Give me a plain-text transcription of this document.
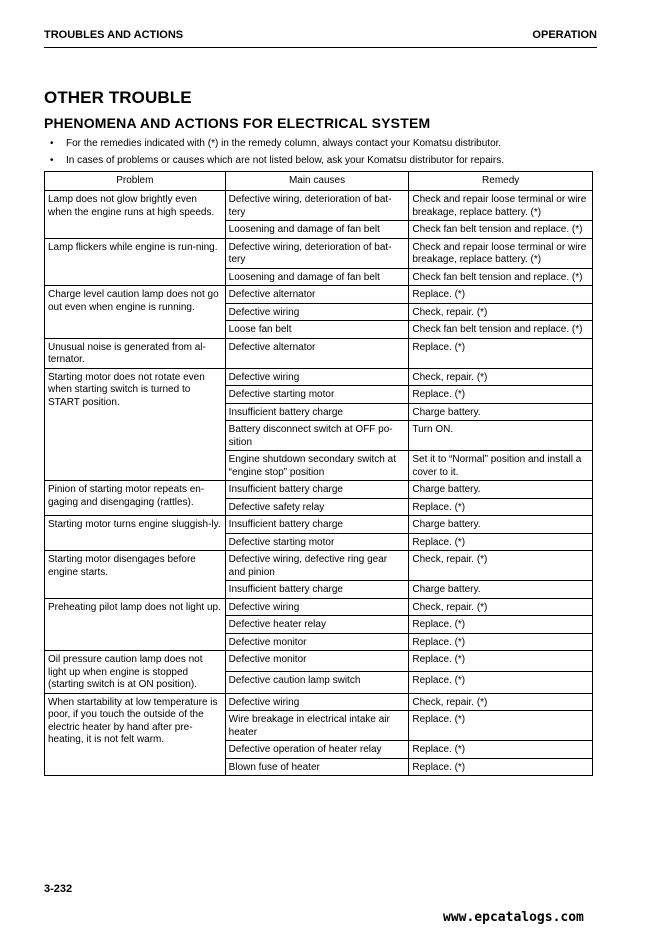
TROUBLES AND ACTIONS	OPERATION
OTHER TROUBLE
PHENOMENA AND ACTIONS FOR ELECTRICAL SYSTEM
• For the remedies indicated with (*) in the remedy column, always contact your Komatsu distributor.
• In cases of problems or causes which are not listed below, ask your Komatsu distributor for repairs.
Problem	Main causes	Remedy
Lamp does not glow brightly even when the engine runs at high speeds.	Defective wiring, deterioration of bat-tery	Check and repair loose terminal or wire breakage, replace battery. (*)
	Loosening and damage of fan belt	Check fan belt tension and replace. (*)
Lamp flickers while engine is run-ning.	Defective wiring, deterioration of bat-tery	Check and repair loose terminal or wire breakage, replace battery. (*)
	Loosening and damage of fan belt	Check fan belt tension and replace. (*)
Charge level caution lamp does not go out even when engine is running.	Defective alternator	Replace. (*)
	Defective wiring	Check, repair. (*)
	Loose fan belt	Check fan belt tension and replace. (*)
Unusual noise is generated from al-ternator.	Defective alternator	Replace. (*)
Starting motor does not rotate even when starting switch is turned to START position.	Defective wiring	Check, repair. (*)
	Defective starting motor	Replace. (*)
	Insufficient battery charge	Charge battery.
	Battery disconnect switch at OFF po-sition	Turn ON.
	Engine shutdown secondary switch at “engine stop” position	Set it to “Normal” position and install a cover to it.
Pinion of starting motor repeats en-gaging and disengaging (rattles).	Insufficient battery charge	Charge battery.
	Defective safety relay	Replace. (*)
Starting motor turns engine sluggish-ly.	Insufficient battery charge	Charge battery.
	Defective starting motor	Replace. (*)
Starting motor disengages before engine starts.	Defective wiring, defective ring gear and pinion	Check, repair. (*)
	Insufficient battery charge	Charge battery.
Preheating pilot lamp does not light up.	Defective wiring	Check, repair. (*)
	Defective heater relay	Replace. (*)
	Defective monitor	Replace. (*)
Oil pressure caution lamp does not light up when engine is stopped (starting switch is at ON position).	Defective monitor	Replace. (*)
	Defective caution lamp switch	Replace. (*)
When startability at low temperature is poor, if you touch the outside of the electric heater by hand after pre-heating, it is not felt warm.	Defective wiring	Check, repair. (*)
	Wire breakage in electrical intake air heater	Replace. (*)
	Defective operation of heater relay	Replace. (*)
	Blown fuse of heater	Replace. (*)
3-232
www.epcatalogs.com
